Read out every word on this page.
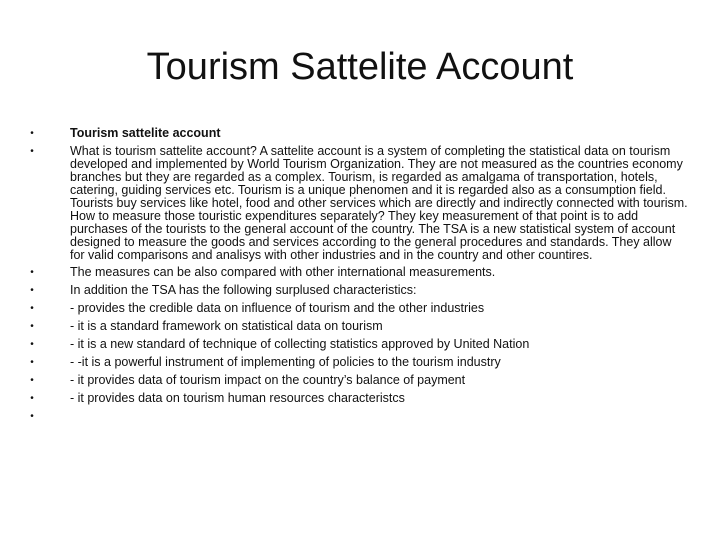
Tourism Sattelite Account
•	Tourism sattelite account
•	What is tourism sattelite account? A sattelite account is a system of completing the statistical data on tourism developed and implemented by World Tourism Organization. They are not measured as the countries economy branches but they are regarded as a complex. Tourism, is regarded as amalgama of transportation, hotels, catering, guiding services etc. Tourism is a unique phenomen and it is regarded also as a consumption field. Tourists buy services like hotel, food and other services which are directly and indirectly connected with tourism. How to measure those touristic expenditures separately? They key measurement of that point is to add purchases of the tourists to the general account of the country. The TSA is a new statistical system of account designed to measure the goods and services according to the general procedures and standards. They allow for valid comparisons and analisys with other industries and in the country and other countires.
•	The measures can be also compared with other international measurements.
•	In addition the TSA has the following surplused characteristics:
•	- provides the credible data on influence of tourism and the other industries
•	- it is a standard framework on statistical data on tourism
•	- it is a new standard of technique of collecting statistics approved by United Nation
•	- -it is a powerful instrument of implementing of policies to the tourism industry
•	- it provides data of tourism impact on the country’s balance of payment
•	- it provides data on tourism human resources characteristcs
•
